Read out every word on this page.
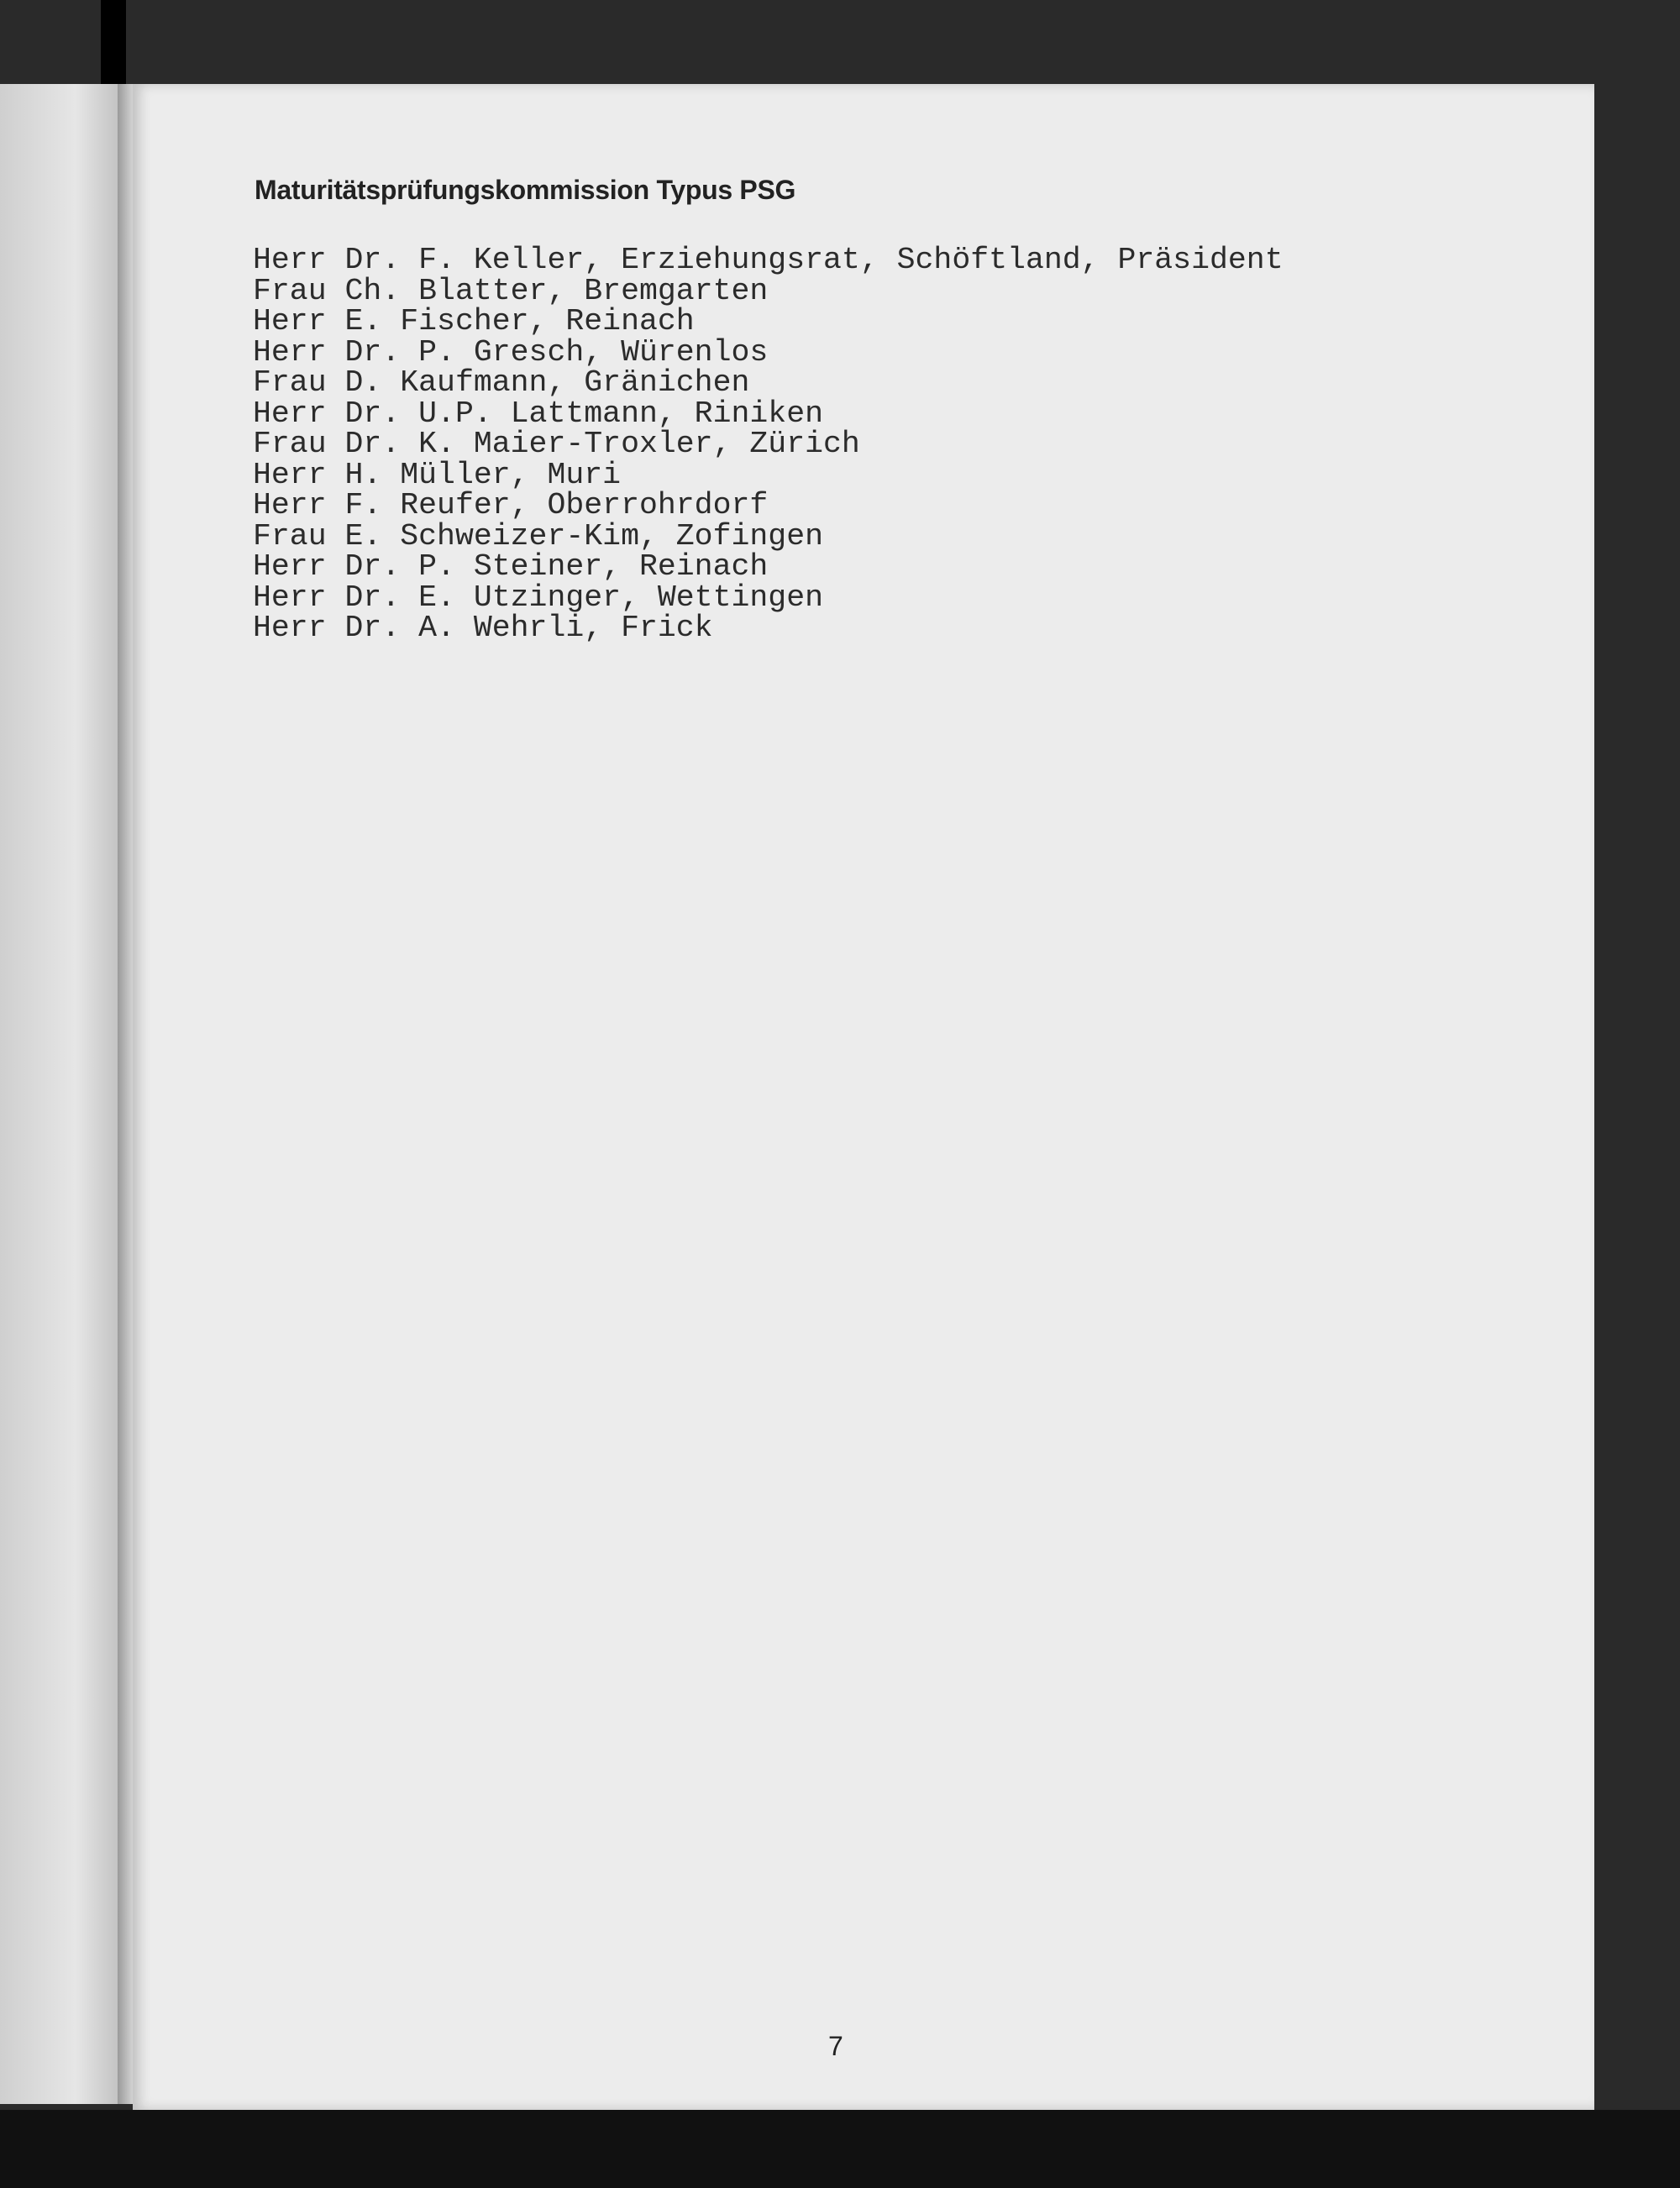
Maturitätsprüfungskommission Typus PSG
Herr Dr. F. Keller, Erziehungsrat, Schöftland, Präsident
Frau Ch. Blatter, Bremgarten
Herr E. Fischer, Reinach
Herr Dr. P. Gresch, Würenlos
Frau D. Kaufmann, Gränichen
Herr Dr. U.P. Lattmann, Riniken
Frau Dr. K. Maier-Troxler, Zürich
Herr H. Müller, Muri
Herr F. Reufer, Oberrohrdorf
Frau E. Schweizer-Kim, Zofingen
Herr Dr. P. Steiner, Reinach
Herr Dr. E. Utzinger, Wettingen
Herr Dr. A. Wehrli, Frick
7
